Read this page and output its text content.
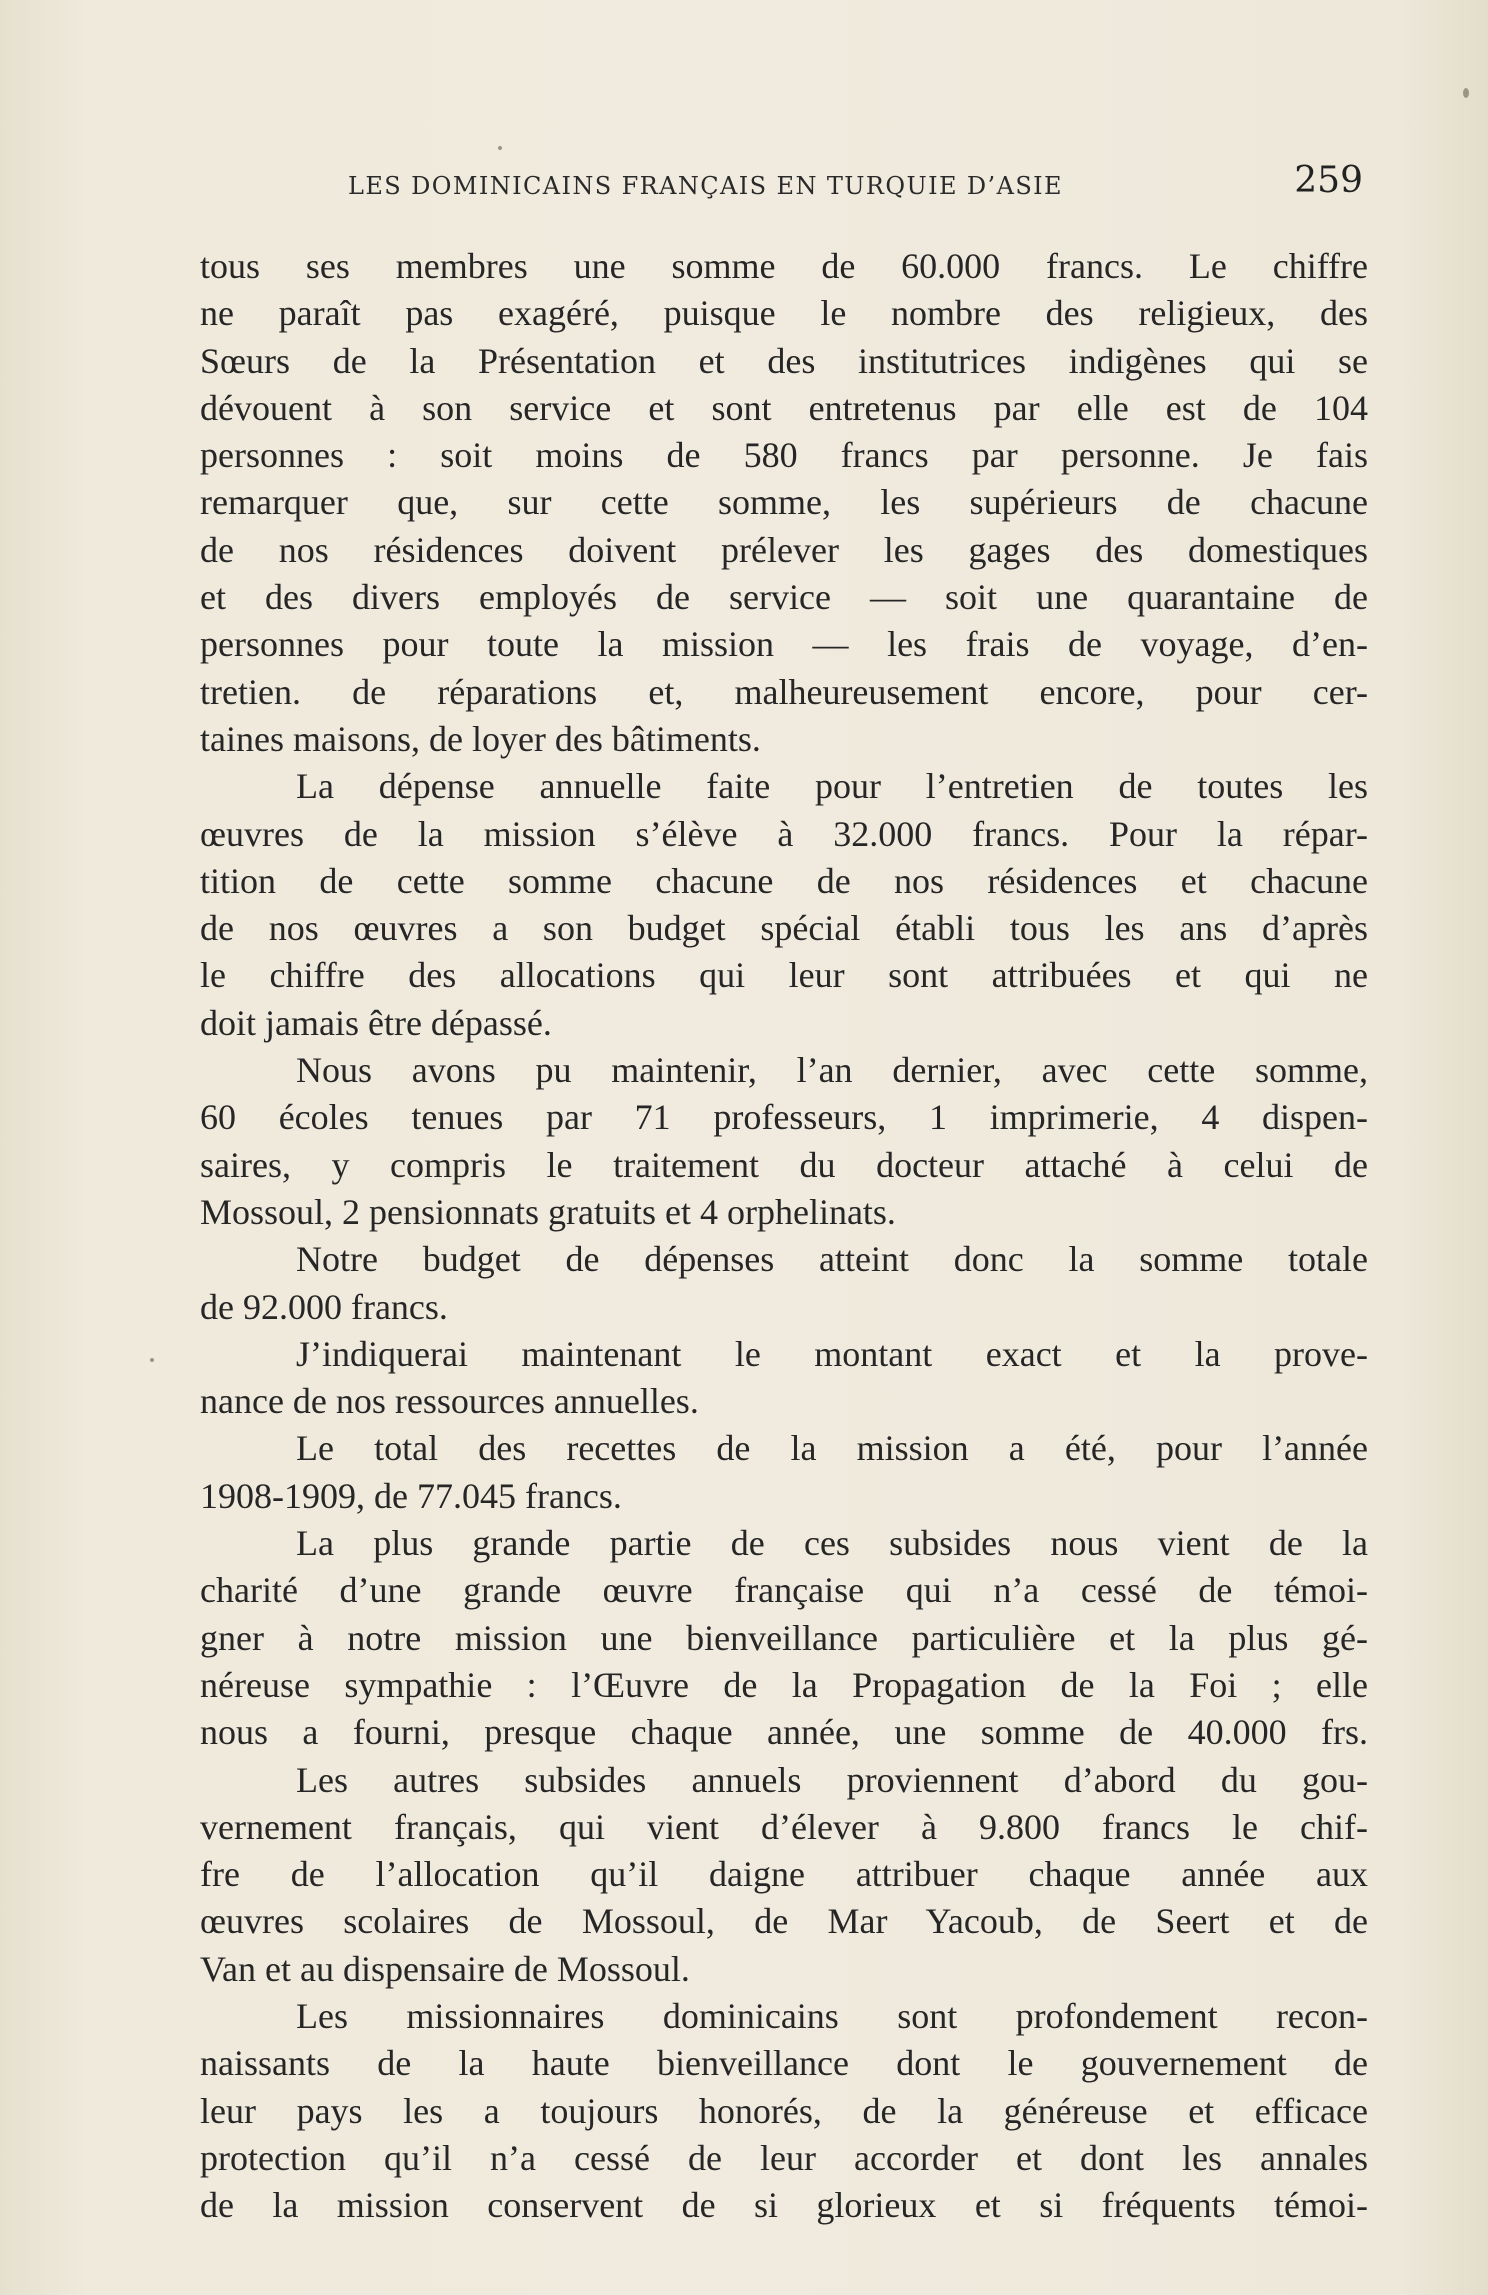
LES DOMINICAINS FRANÇAIS EN TURQUIE D’ASIE	259
tous ses membres une somme de 60.000 francs. Le chiffre
ne paraît pas exagéré, puisque le nombre des religieux, des
Sœurs de la Présentation et des institutrices indigènes qui se
dévouent à son service et sont entretenus par elle est de 104
personnes : soit moins de 580 francs par personne. Je fais
remarquer que, sur cette somme, les supérieurs de chacune
de nos résidences doivent prélever les gages des domestiques
et des divers employés de service — soit une quarantaine de
personnes pour toute la mission — les frais de voyage, d’en-
tretien. de réparations et, malheureusement encore, pour cer-
taines maisons, de loyer des bâtiments.
La dépense annuelle faite pour l’entretien de toutes les
œuvres de la mission s’élève à 32.000 francs. Pour la répar-
tition de cette somme chacune de nos résidences et chacune
de nos œuvres a son budget spécial établi tous les ans d’après
le chiffre des allocations qui leur sont attribuées et qui ne
doit jamais être dépassé.
Nous avons pu maintenir, l’an dernier, avec cette somme,
60 écoles tenues par 71 professeurs, 1 imprimerie, 4 dispen-
saires, y compris le traitement du docteur attaché à celui de
Mossoul, 2 pensionnats gratuits et 4 orphelinats.
Notre budget de dépenses atteint donc la somme totale
de 92.000 francs.
J’indiquerai maintenant le montant exact et la prove-
nance de nos ressources annuelles.
Le total des recettes de la mission a été, pour l’année
1908-1909, de 77.045 francs.
La plus grande partie de ces subsides nous vient de la
charité d’une grande œuvre française qui n’a cessé de témoi-
gner à notre mission une bienveillance particulière et la plus gé-
néreuse sympathie : l’Œuvre de la Propagation de la Foi ; elle
nous a fourni, presque chaque année, une somme de 40.000 frs.
Les autres subsides annuels proviennent d’abord du gou-
vernement français, qui vient d’élever à 9.800 francs le chif-
fre de l’allocation qu’il daigne attribuer chaque année aux
œuvres scolaires de Mossoul, de Mar Yacoub, de Seert et de
Van et au dispensaire de Mossoul.
Les missionnaires dominicains sont profondement recon-
naissants de la haute bienveillance dont le gouvernement de
leur pays les a toujours honorés, de la généreuse et efficace
protection qu’il n’a cessé de leur accorder et dont les annales
de la mission conservent de si glorieux et si fréquents témoi-
